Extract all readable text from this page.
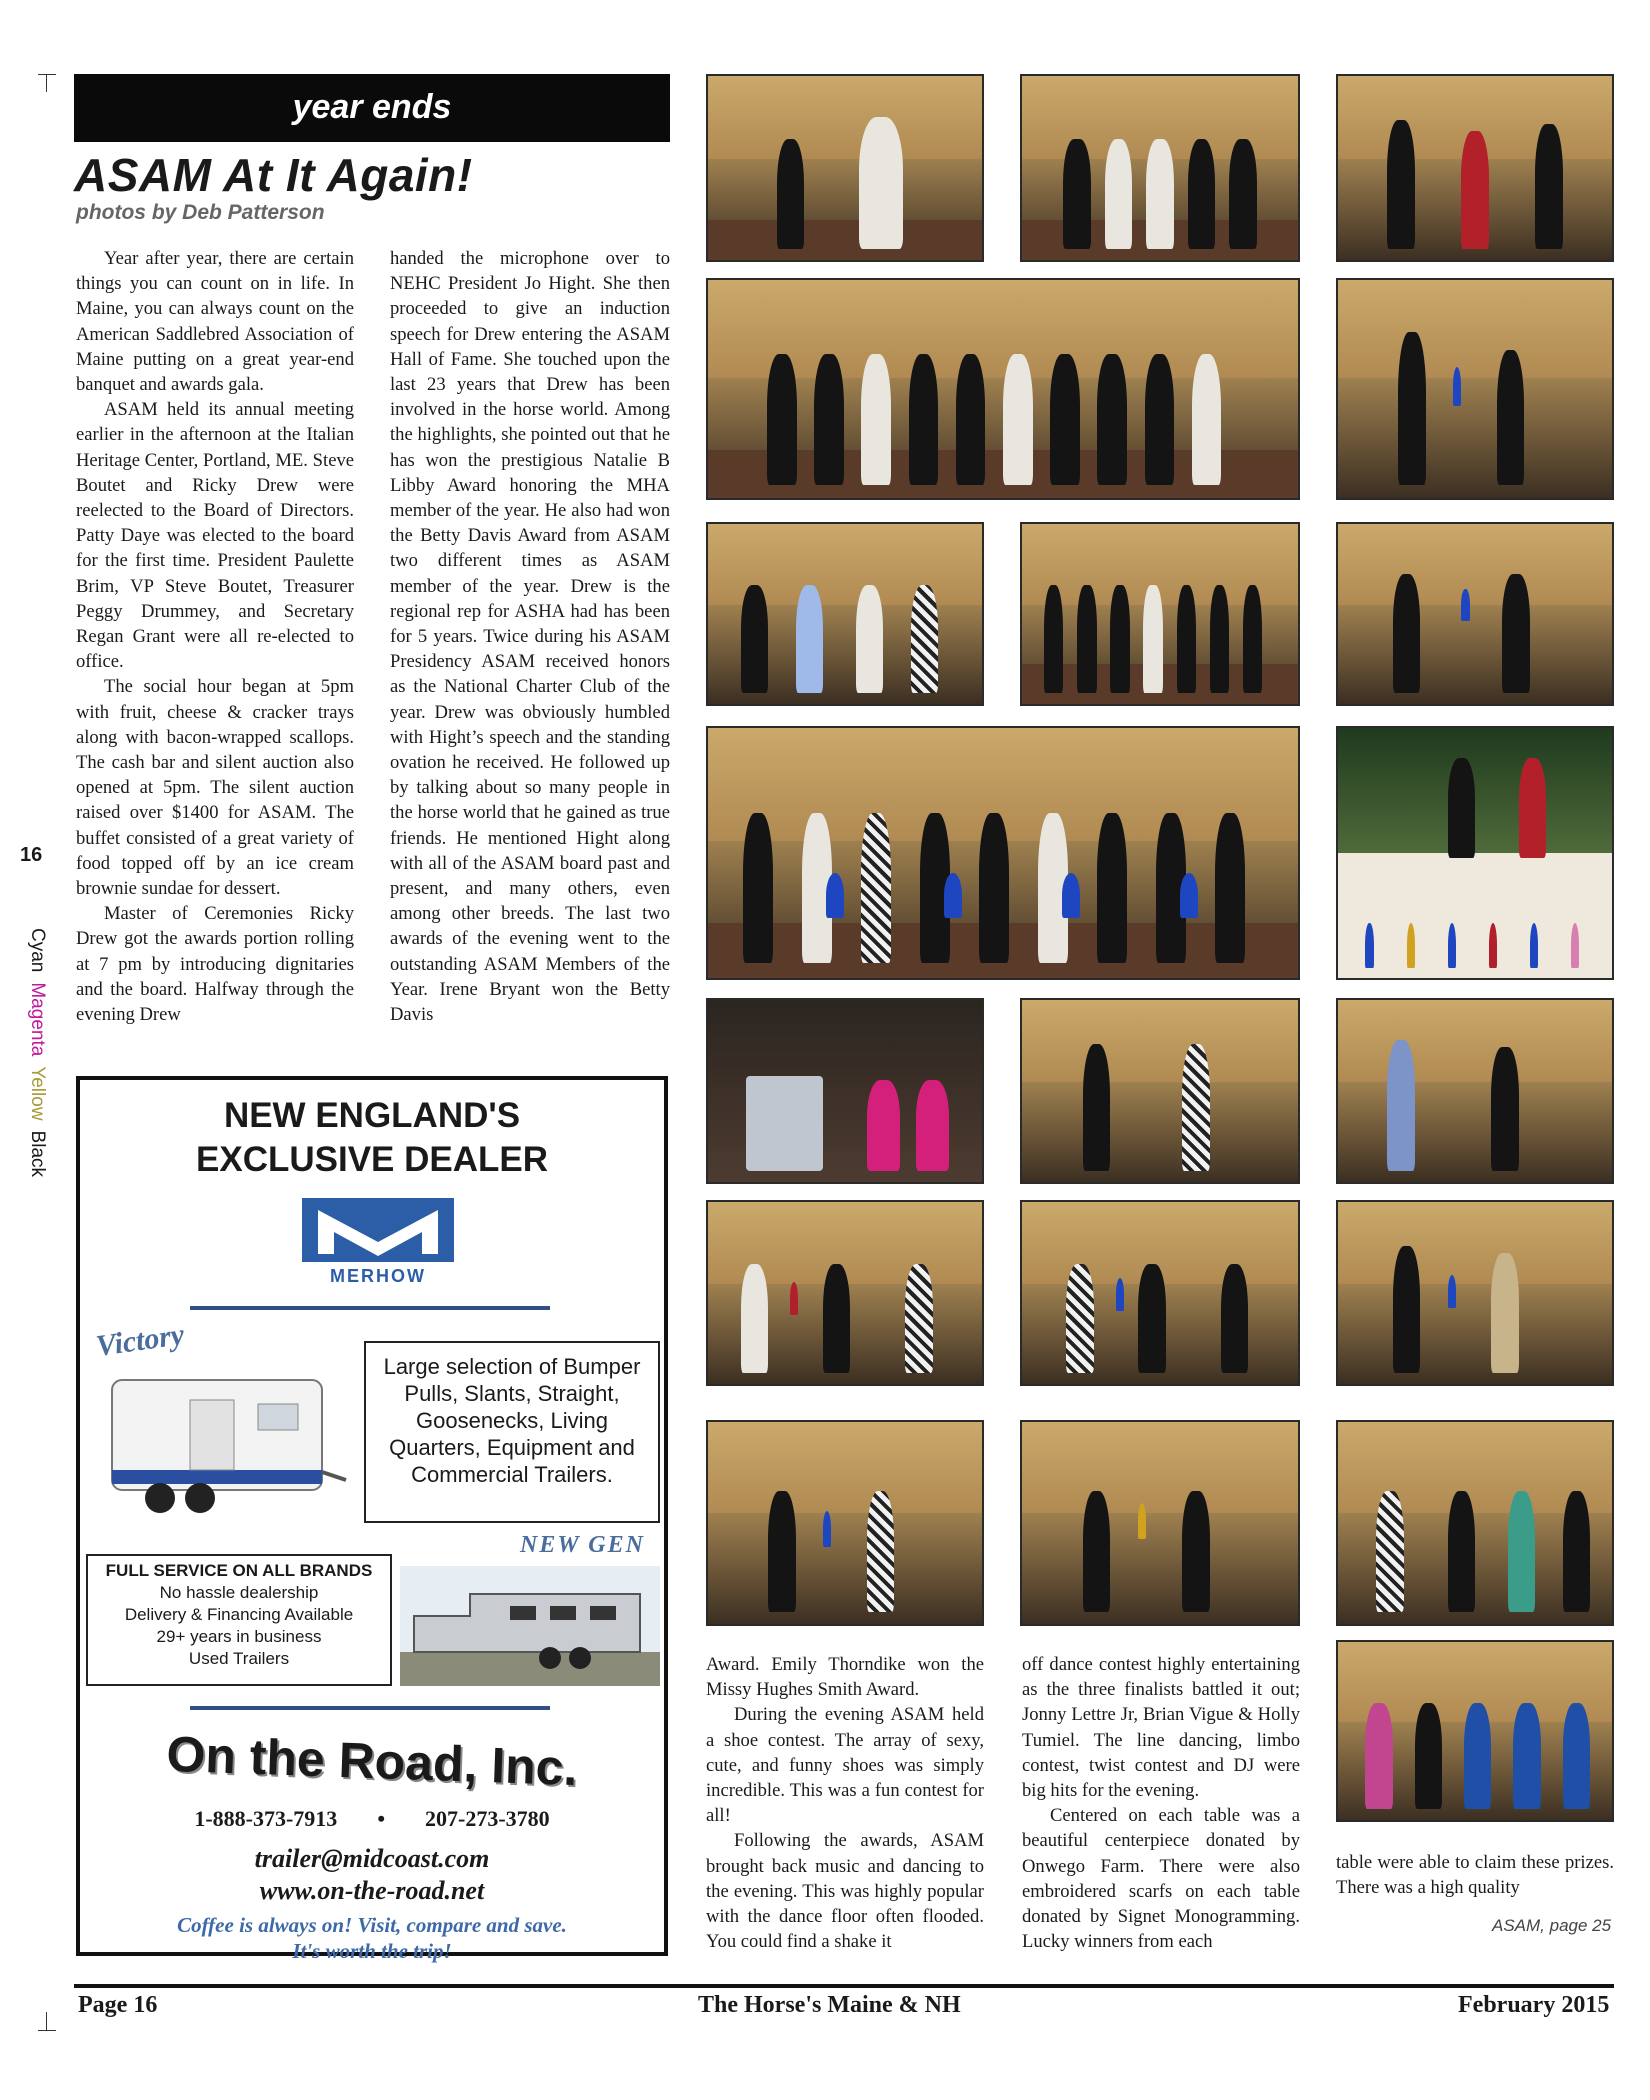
16
CyanMagentaYellowBlack
year ends
ASAM At It Again!
photos by Deb Patterson

Year after year, there are certain things you can count on in life. In Maine, you can always count on the American Saddlebred Association of Maine putting on a great year-end banquet and awards gala.

ASAM held its annual meeting earlier in the afternoon at the Italian Heritage Center, Portland, ME. Steve Boutet and Ricky Drew were reelected to the Board of Directors. Patty Daye was elected to the board for the first time. President Paulette Brim, VP Steve Boutet, Treasurer Peggy Drummey, and Secretary Regan Grant were all re-elected to office.

The social hour began at 5pm with fruit, cheese & cracker trays along with bacon-wrapped scallops. The cash bar and silent auction also opened at 5pm. The silent auction raised over $1400 for ASAM. The buffet consisted of a great variety of food topped off by an ice cream brownie sundae for dessert.

Master of Ceremonies Ricky Drew got the awards portion rolling at 7 pm by introducing dignitaries and the board. Halfway through the evening Drew

handed the microphone over to NEHC President Jo Hight. She then proceeded to give an induction speech for Drew entering the ASAM Hall of Fame. She touched upon the last 23 years that Drew has been involved in the horse world. Among the highlights, she pointed out that he has won the prestigious Natalie B Libby Award honoring the MHA member of the year. He also had won the Betty Davis Award from ASAM two different times as ASAM member of the year. Drew is the regional rep for ASHA had has been for 5 years. Twice during his ASAM Presidency ASAM received honors as the National Charter Club of the year. Drew was obviously humbled with Hight’s speech and the standing ovation he received. He followed up by talking about so many people in the horse world that he gained as true friends. He mentioned Hight along with all of the ASAM board past and present, and many others, even among other breeds. The last two awards of the evening went to the outstanding ASAM Members of the Year. Irene Bryant won the Betty Davis

Award. Emily Thorndike won the Missy Hughes Smith Award.

During the evening ASAM held a shoe contest. The array of sexy, cute, and funny shoes was simply incredible. This was a fun contest for all!

Following the awards, ASAM brought back music and dancing to the evening. This was highly popular with the dance floor often flooded. You could find a shake it

off dance contest highly entertaining as the three finalists battled it out; Jonny Lettre Jr, Brian Vigue & Holly Tumiel. The line dancing, limbo contest, twist contest and DJ were big hits for the evening.

Centered on each table was a beautiful centerpiece donated by Onwego Farm. There were also embroidered scarfs on each table donated by Signet Monogramming. Lucky winners from each

table were able to claim these prizes. There was a high quality

ASAM, page 25
NEW ENGLAND'S
EXCLUSIVE DEALER
MERHOW
Victory
Large selection of Bumper Pulls, Slants, Straight, Goosenecks, Living Quarters, Equipment and Commercial Trailers.
FULL SERVICE ON ALL BRANDS
No hassle dealership
Delivery & Financing Available
29+ years in business
Used Trailers
NEW GEN
On the Road, Inc.
1-888-373-7913 • 207-273-3780
trailer@midcoast.com
www.on-the-road.net
Coffee is always on! Visit, compare and save.
It's worth the trip!
Page 16	The Horse's Maine & NH	February 2015
